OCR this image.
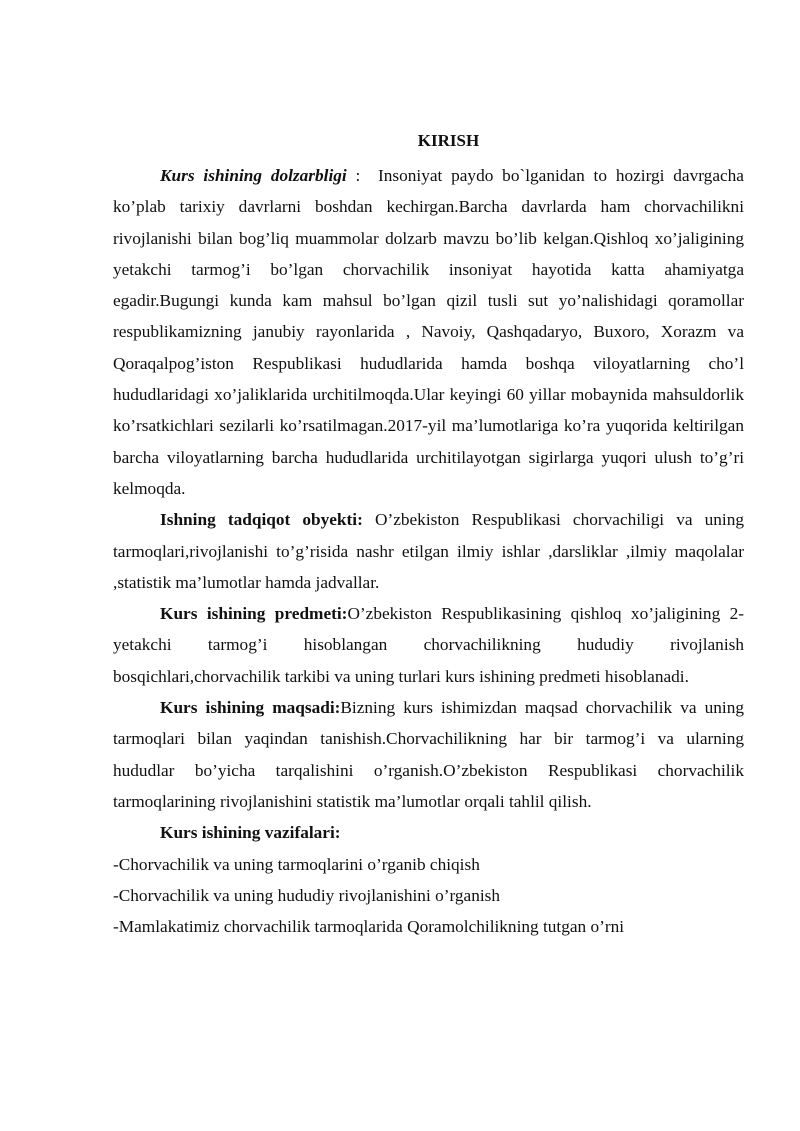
KIRISH

Kurs ishining dolzarbligi :  Insoniyat paydo bo`lganidan to hozirgi davrgacha ko’plab tarixiy davrlarni boshdan kechirgan.Barcha davrlarda ham chorvachilikni rivojlanishi bilan bog’liq muammolar dolzarb mavzu bo’lib kelgan.Qishloq xo’jaligining yetakchi tarmog’i bo’lgan chorvachilik insoniyat hayotida katta ahamiyatga egadir.Bugungi kunda kam mahsul bo’lgan qizil tusli sut yo’nalishidagi qoramollar respublikamizning janubiy rayonlarida , Navoiy, Qashqadaryo, Buxoro, Xorazm va Qoraqalpog’iston Respublikasi hududlarida hamda boshqa viloyatlarning cho’l hududlaridagi xo’jaliklarida urchitilmoqda.Ular keyingi 60 yillar mobaynida mahsuldorlik ko’rsatkichlari sezilarli ko’rsatilmagan.2017-yil ma’lumotlariga ko’ra yuqorida keltirilgan barcha viloyatlarning barcha hududlarida urchitilayotgan sigirlarga yuqori ulush to’g’ri kelmoqda.

Ishning tadqiqot obyekti: O’zbekiston Respublikasi chorvachiligi va uning tarmoqlari,rivojlanishi to’g’risida nashr etilgan ilmiy ishlar ,darsliklar ,ilmiy maqolalar ,statistik ma’lumotlar hamda jadvallar.

Kurs ishining predmeti:O’zbekiston Respublikasining qishloq xo’jaligining 2-yetakchi tarmog’i hisoblangan chorvachilikning hududiy rivojlanish bosqichlari,chorvachilik tarkibi va uning turlari kurs ishining predmeti hisoblanadi.

Kurs ishining maqsadi:Bizning kurs ishimizdan maqsad chorvachilik va uning tarmoqlari bilan yaqindan tanishish.Chorvachilikning har bir tarmog’i va ularning hududlar bo’yicha tarqalishini o’rganish.O’zbekiston Respublikasi chorvachilik tarmoqlarining rivojlanishini statistik ma’lumotlar orqali tahlil qilish.

Kurs ishining vazifalari:

-Chorvachilik va uning tarmoqlarini o’rganib chiqish

-Chorvachilik va uning hududiy rivojlanishini o’rganish

-Mamlakatimiz chorvachilik tarmoqlarida Qoramolchilikning tutgan o’rni
